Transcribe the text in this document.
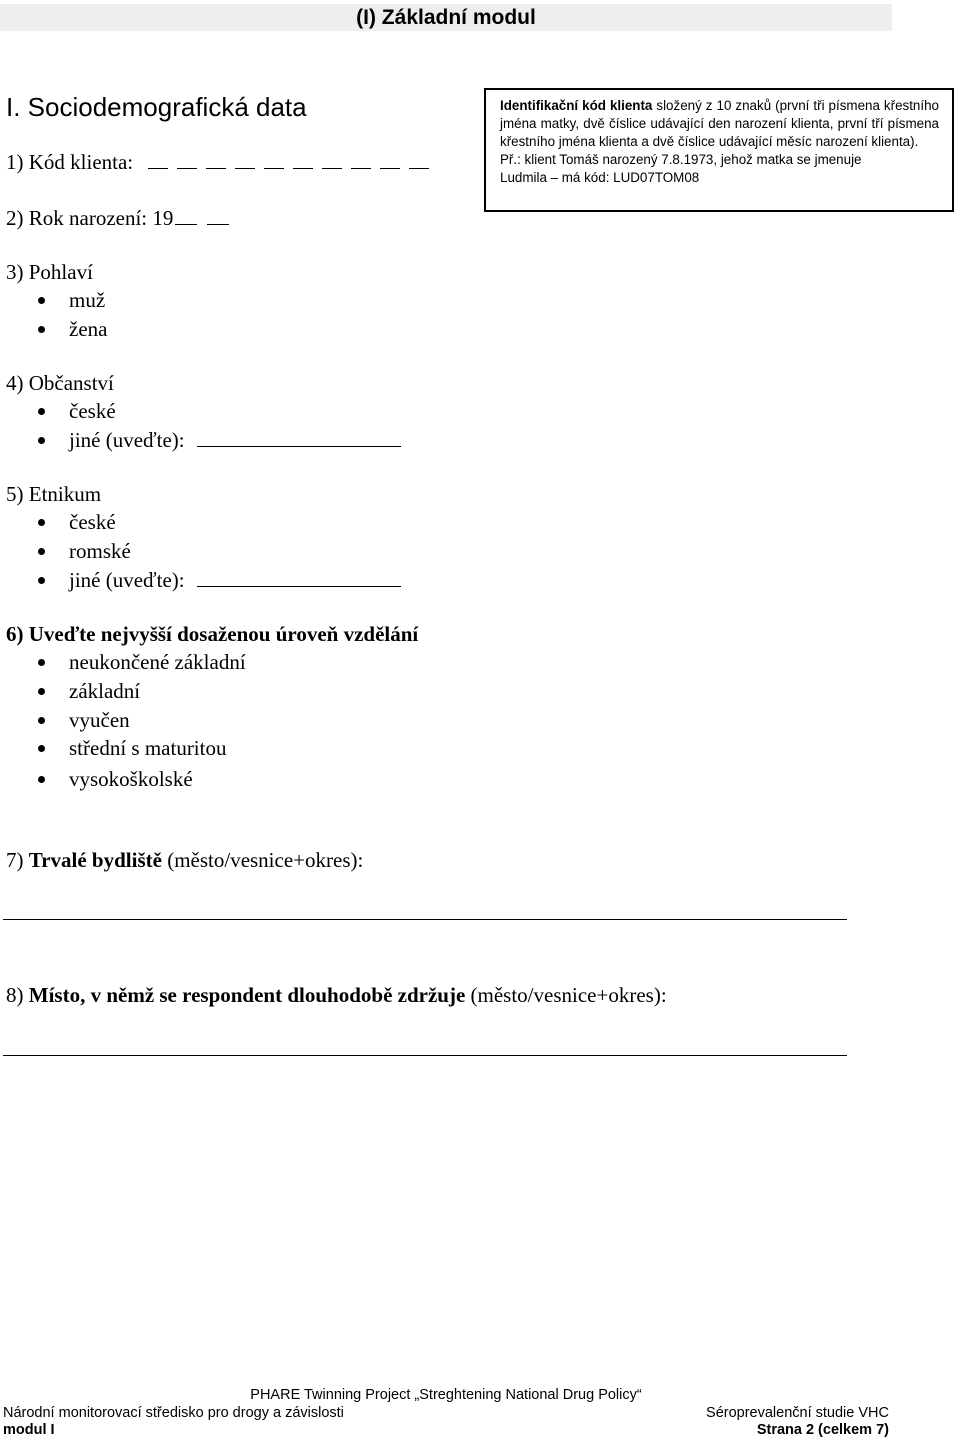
(I) Základní modul
I. Sociodemografická data
1) Kód klienta:
2) Rok narození: 19
Identifikační kód klienta složený z 10 znaků (první tři písmena křestního jména matky, dvě číslice udávající den narození klienta, první tří písmena křestního jména klienta a dvě číslice udávající měsíc narození klienta).
Př.: klient Tomáš narozený 7.8.1973, jehož matka se jmenuje
Ludmila – má kód: LUD07TOM08
3) Pohlaví
muž
žena
4) Občanství
české
jiné (uveďte):
5) Etnikum
české
romské
jiné (uveďte):
6) Uveďte nejvyšší dosaženou úroveň vzdělání
neukončené základní
základní
vyučen
střední s maturitou
vysokoškolské
7) Trvalé bydliště (město/vesnice+okres):
8) Místo, v němž se respondent dlouhodobě zdržuje (město/vesnice+okres):
PHARE Twinning Project „Streghtening National Drug Policy“
Národní monitorovací středisko pro drogy a závislosti	Séroprevalenční studie VHC
modul I	Strana 2 (celkem 7)
